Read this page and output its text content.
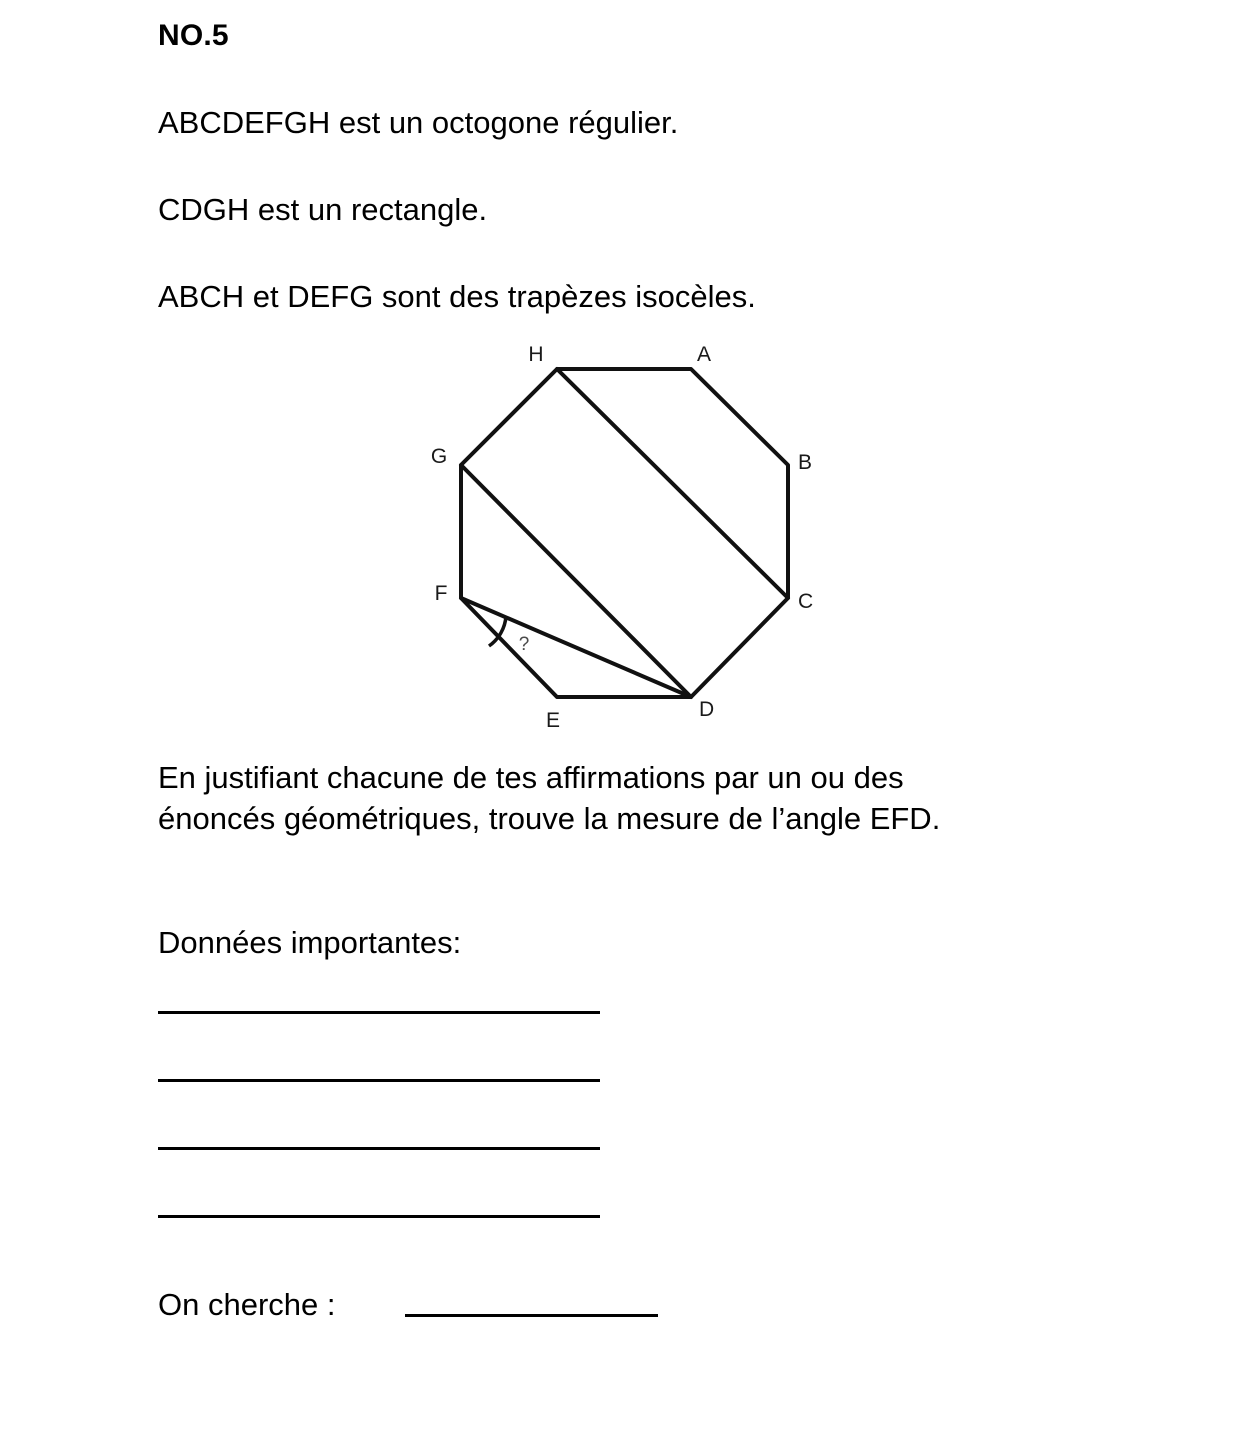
NO.5
ABCDEFGH est un octogone régulier.
CDGH est un rectangle.
ABCH et DEFG sont des trapèzes isocèles.
?
H	A
B
C
D
E
F
G
En justifiant chacune de tes affirmations par un ou des
énoncés géométriques, trouve la mesure de l’angle EFD.
Données importantes:
On cherche :
